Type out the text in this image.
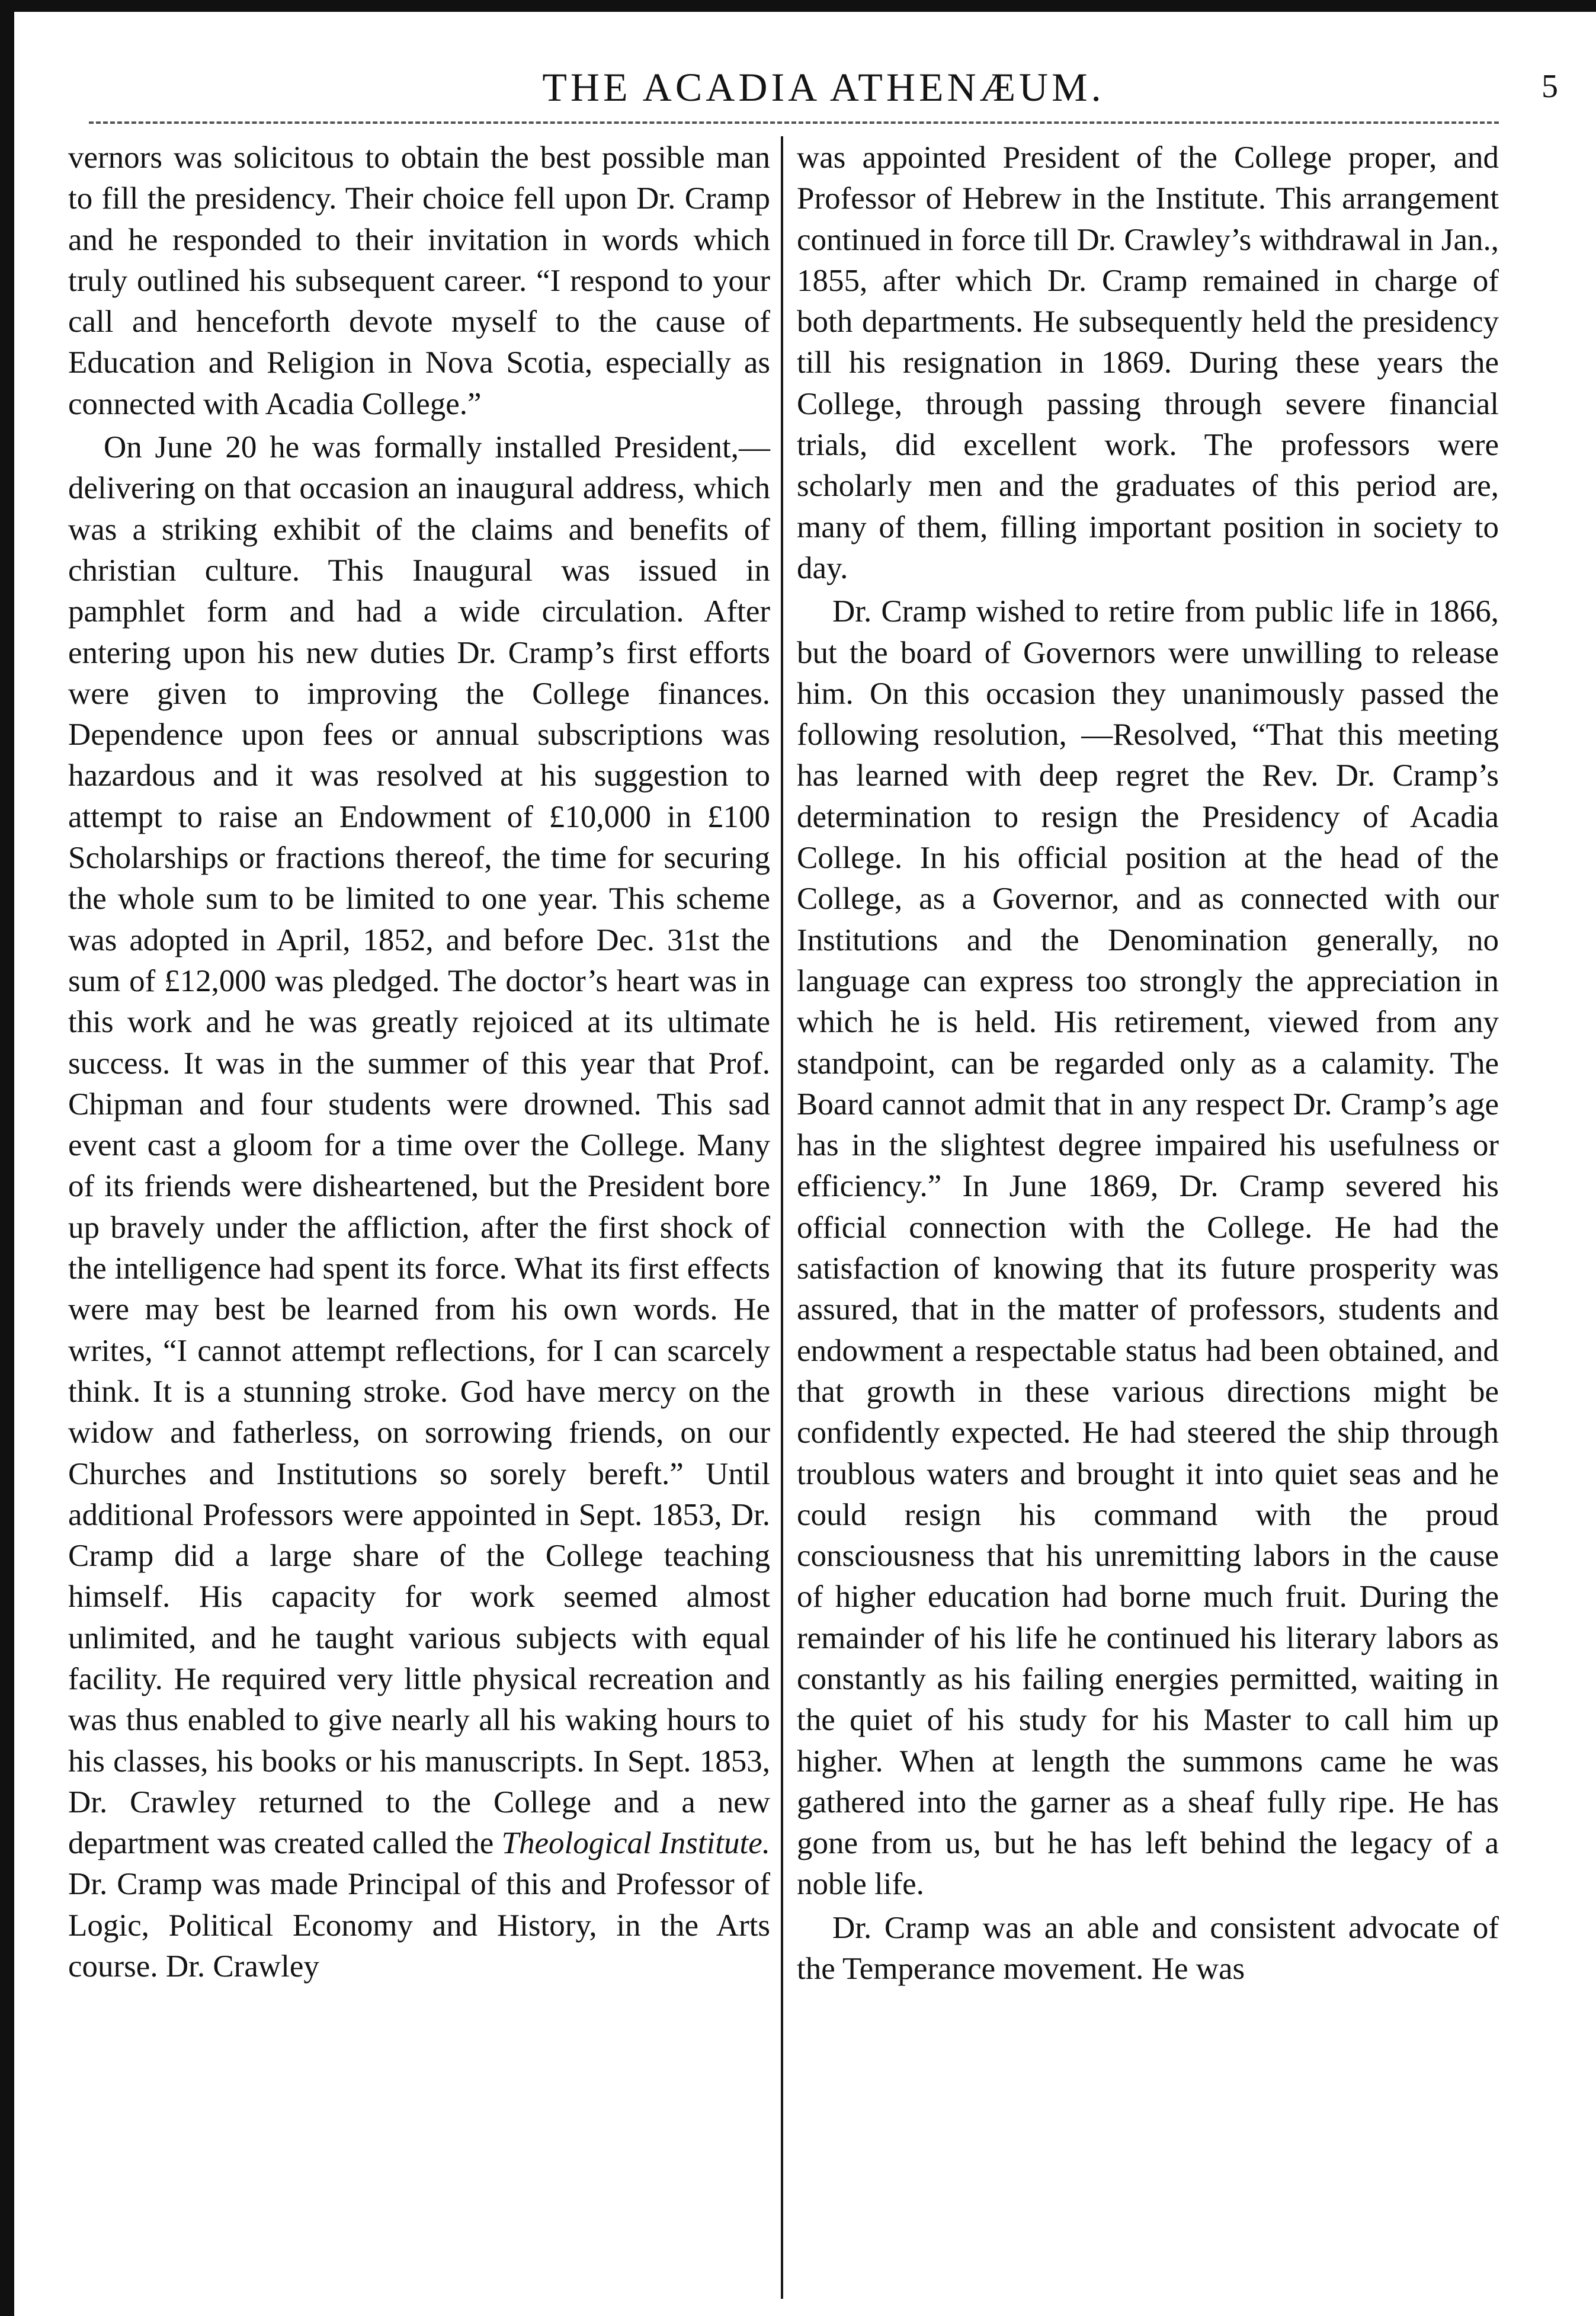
THE ACADIA ATHENÆUM.	5

vernors was solicitous to obtain the best possible man to fill the presidency. Their choice fell upon Dr. Cramp and he responded to their invitation in words which truly outlined his subsequent career. “I respond to your call and henceforth devote myself to the cause of Education and Religion in Nova Scotia, especially as connected with Acadia College.”

On June 20 he was formally installed President,—delivering on that occasion an inaugural address, which was a striking exhibit of the claims and benefits of christian culture. This Inaugural was issued in pamphlet form and had a wide circulation. After entering upon his new duties Dr. Cramp’s first efforts were given to improving the College finances. Dependence upon fees or annual subscriptions was hazardous and it was resolved at his suggestion to attempt to raise an Endowment of £10,000 in £100 Scholarships or fractions thereof, the time for securing the whole sum to be limited to one year. This scheme was adopted in April, 1852, and before Dec. 31st the sum of £12,000 was pledged. The doctor’s heart was in this work and he was greatly rejoiced at its ultimate success. It was in the summer of this year that Prof. Chipman and four students were drowned. This sad event cast a gloom for a time over the College. Many of its friends were disheartened, but the President bore up bravely under the affliction, after the first shock of the intelligence had spent its force. What its first effects were may best be learned from his own words. He writes, “I cannot attempt reflections, for I can scarcely think. It is a stunning stroke. God have mercy on the widow and fatherless, on sorrowing friends, on our Churches and Institutions so sorely bereft.” Until additional Professors were appointed in Sept. 1853, Dr. Cramp did a large share of the College teaching himself. His capacity for work seemed almost unlimited, and he taught various subjects with equal facility. He required very little physical recreation and was thus enabled to give nearly all his waking hours to his classes, his books or his manuscripts. In Sept. 1853, Dr. Crawley returned to the College and a new department was created called the Theological Institute. Dr. Cramp was made Principal of this and Professor of Logic, Political Economy and History, in the Arts course. Dr. Crawley

was appointed President of the College proper, and Professor of Hebrew in the Institute. This arrangement continued in force till Dr. Crawley’s withdrawal in Jan., 1855, after which Dr. Cramp remained in charge of both departments. He subsequently held the presidency till his resignation in 1869. During these years the College, through passing through severe financial trials, did excellent work. The professors were scholarly men and the graduates of this period are, many of them, filling important position in society to day.

Dr. Cramp wished to retire from public life in 1866, but the board of Governors were unwilling to release him. On this occasion they unanimously passed the following resolution, —Resolved, “That this meeting has learned with deep regret the Rev. Dr. Cramp’s determination to resign the Presidency of Acadia College. In his official position at the head of the College, as a Governor, and as connected with our Institutions and the Denomination generally, no language can express too strongly the appreciation in which he is held. His retirement, viewed from any standpoint, can be regarded only as a calamity. The Board cannot admit that in any respect Dr. Cramp’s age has in the slightest degree impaired his usefulness or efficiency.” In June 1869, Dr. Cramp severed his official connection with the College. He had the satisfaction of knowing that its future prosperity was assured, that in the matter of professors, students and endowment a respectable status had been obtained, and that growth in these various directions might be confidently expected. He had steered the ship through troublous waters and brought it into quiet seas and he could resign his command with the proud consciousness that his unremitting labors in the cause of higher education had borne much fruit. During the remainder of his life he continued his literary labors as constantly as his failing energies permitted, waiting in the quiet of his study for his Master to call him up higher. When at length the summons came he was gathered into the garner as a sheaf fully ripe. He has gone from us, but he has left behind the legacy of a noble life.

Dr. Cramp was an able and consistent advocate of the Temperance movement. He was
